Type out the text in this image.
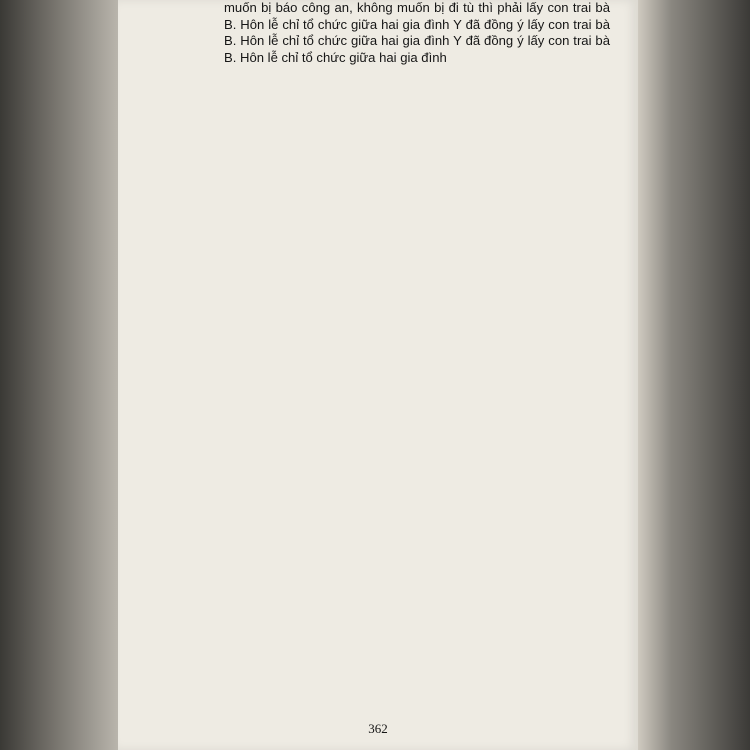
muốn bị báo công an, không muốn bị đi tù thì phải lấy con trai bà B. Hôn lễ chỉ tổ chức giữa hai gia đình Y đã đồng ý lấy con trai bà B. Hôn lễ chỉ tổ chức giữa hai gia đình Y đã đồng ý lấy con trai bà B. Hôn lễ chỉ tổ chức giữa hai gia đình
362
